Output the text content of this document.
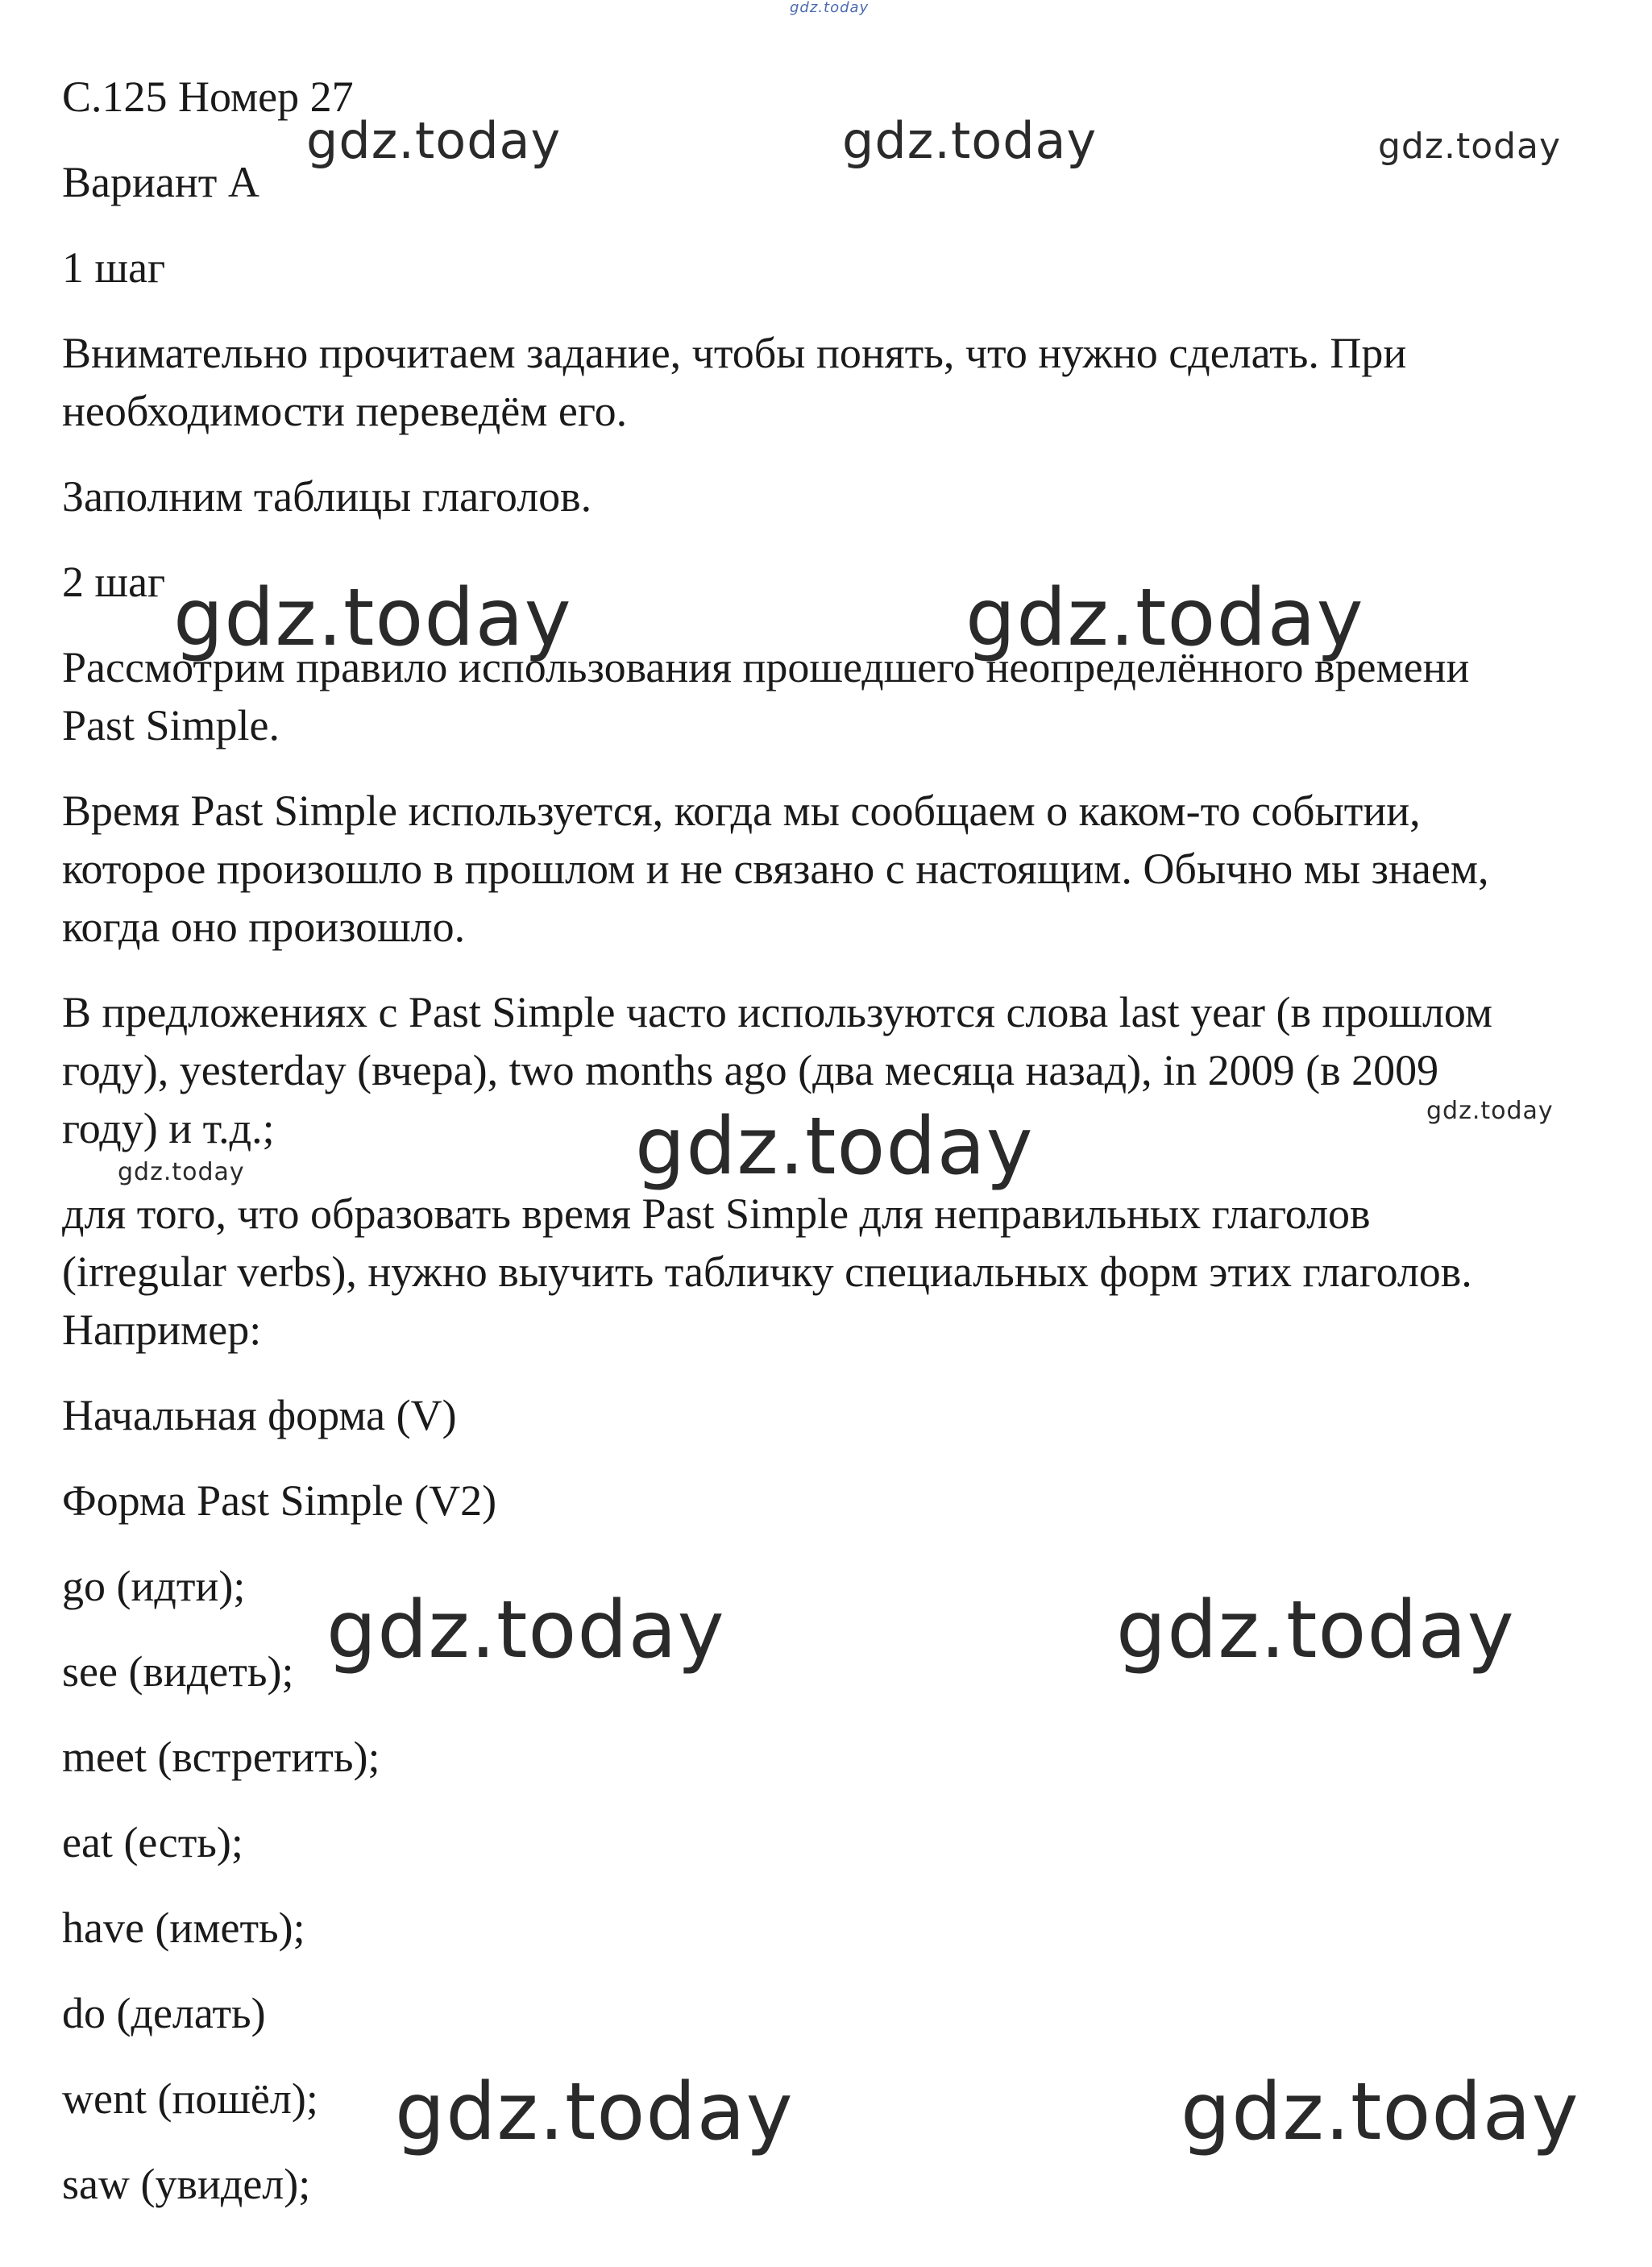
gdz.today
С.125 Номер 27
Вариант A
1 шаг
Внимательно прочитаем задание, чтобы понять, что нужно сделать. При
необходимости переведём его.
Заполним таблицы глаголов.
2 шаг
Рассмотрим правило использования прошедшего неопределённого времени
Past Simple.
Время Past Simple используется, когда мы сообщаем о каком-то событии,
которое произошло в прошлом и не связано с настоящим. Обычно мы знаем,
когда оно произошло.
В предложениях с Past Simple часто используются слова last year (в прошлом
году), yesterday (вчера), two months ago (два месяца назад), in 2009 (в 2009
году) и т.д.;
для того, что образовать время Past Simple для неправильных глаголов
(irregular verbs), нужно выучить табличку специальных форм этих глаголов.
Например:
Начальная форма (V)
Форма Past Simple (V2)
go (идти);
see (видеть);
meet (встретить);
eat (есть);
have (иметь);
do (делать)
went (пошёл);
saw (увидел);
gdz.today	gdz.today	gdz.today
gdz.today	gdz.today
gdz.today	gdz.today
gdz.today
gdz.today	gdz.today
gdz.today	gdz.today
